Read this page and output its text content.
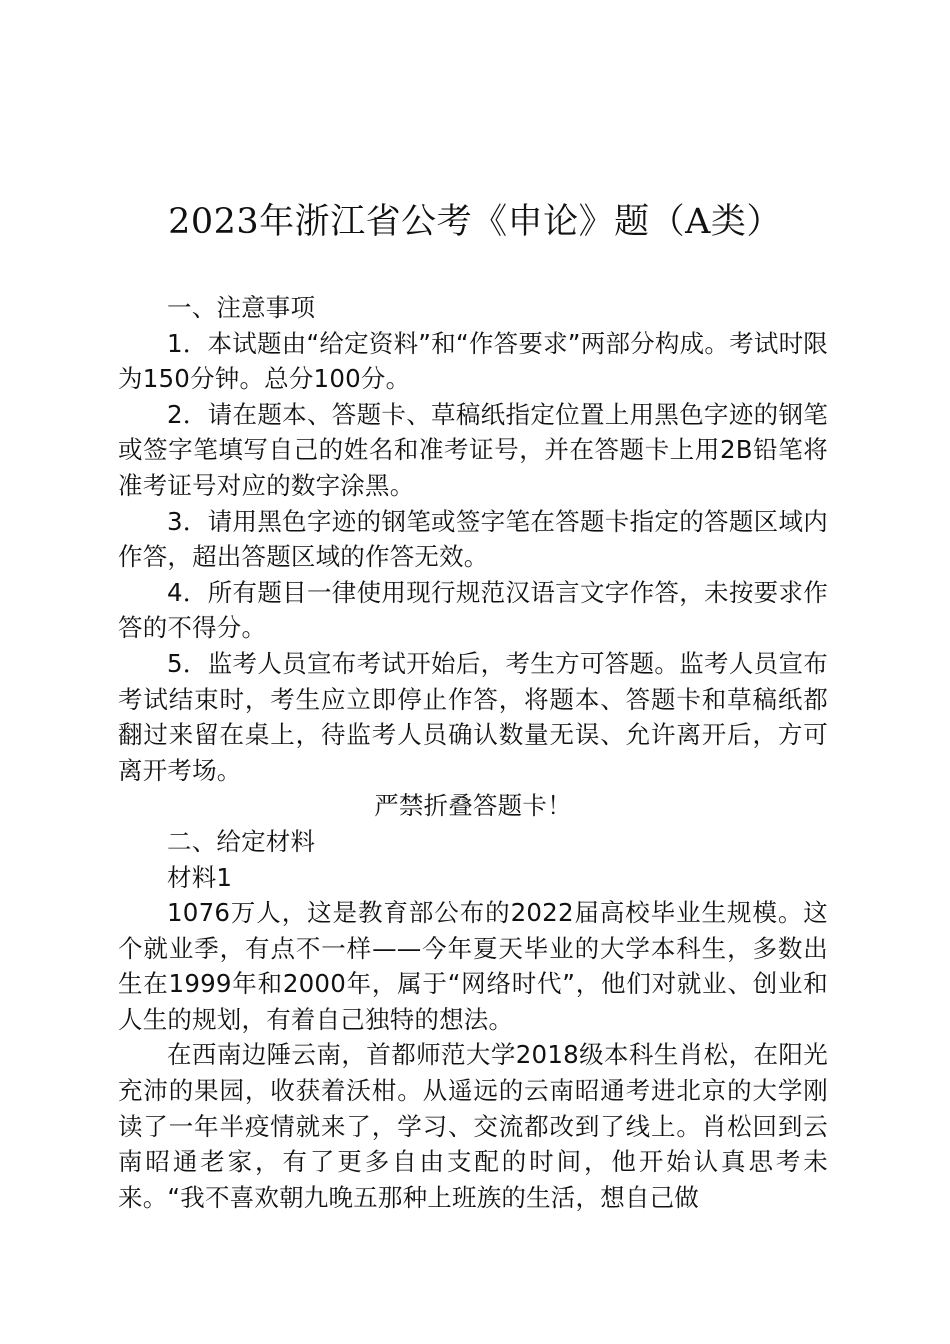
2023年浙江省公考《申论》题（A类）

一、注意事项

1．本试题由“给定资料”和“作答要求”两部分构成。考试时限为150分钟。总分100分。

2．请在题本、答题卡、草稿纸指定位置上用黑色字迹的钢笔或签字笔填写自己的姓名和准考证号，并在答题卡上用2B铅笔将准考证号对应的数字涂黑。

3．请用黑色字迹的钢笔或签字笔在答题卡指定的答题区域内作答，超出答题区域的作答无效。

4．所有题目一律使用现行规范汉语言文字作答，未按要求作答的不得分。

5．监考人员宣布考试开始后，考生方可答题。监考人员宣布考试结束时，考生应立即停止作答，将题本、答题卡和草稿纸都翻过来留在桌上，待监考人员确认数量无误、允许离开后，方可离开考场。

严禁折叠答题卡！

二、给定材料

材料1

1076万人，这是教育部公布的2022届高校毕业生规模。这个就业季，有点不一样——今年夏天毕业的大学本科生，多数出生在1999年和2000年，属于“网络时代”，他们对就业、创业和人生的规划，有着自己独特的想法。

在西南边陲云南，首都师范大学2018级本科生肖松，在阳光充沛的果园，收获着沃柑。从遥远的云南昭通考进北京的大学刚读了一年半疫情就来了，学习、交流都改到了线上。肖松回到云南昭通老家，有了更多自由支配的时间，他开始认真思考未来。“我不喜欢朝九晚五那种上班族的生活，想自己做
